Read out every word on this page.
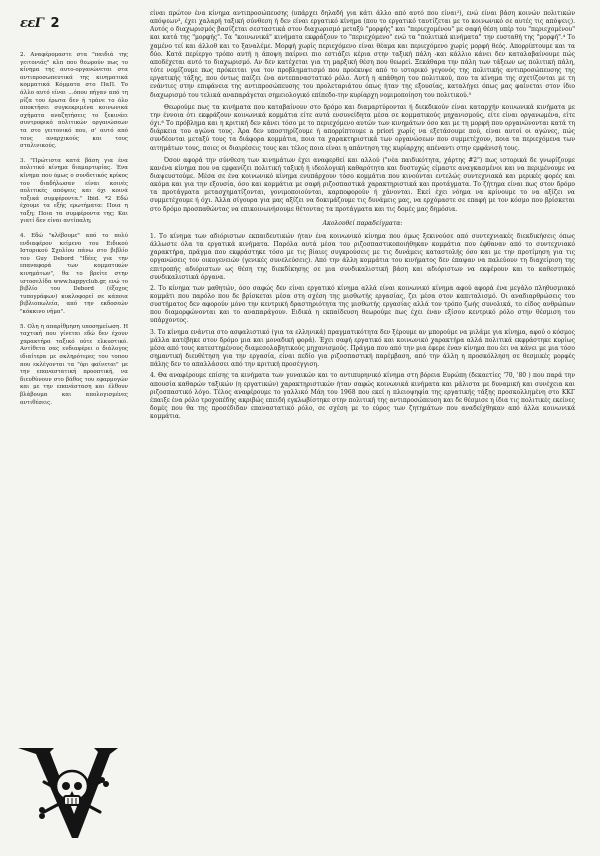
εεΓ 2

2. Αναφέρομαστε στα "παιδιά της γειτονιάς" κλπ που θεωρούν πως το κίνημα της αυτο-οργανώνεται στα αντιπροσωπευτικά της κινηματικά κομματικά Κόμματα στο ΠαΠ. Το άλλο αυτό είναι ...όπου πήγαν από τη ρίζα του έρωτα δεν ή τράνε το όλο αποκτήσει συγκεκριμένα κοινωνικά σχήματα αναζητήσεις το ξεκινάει συντροφικό πολιτικών οργανώσεων τα στο γειτονικό που, σ' αυτό από τους αναρχικούς και τους σταλινικούς.

3. "Πρώτιστα κατά βάση για ένα πολιτικό κίνημα διαμαρτυρίας. Ένα κίνημα που όμως ο συνδετικός κρίκος του διαδήλωσαν είναι κοινές πολιτικές απόψεις και όχι κοινά ταξικά συμφέροντα." Ibid. *2 Εδώ έχουμε τα εξής ερωτήματα: Ποια η ταξη; Ποια τα συμφέροντα της; Και γιατί δεν είναι αντίπαλη;

4. Εδώ "κλέβουμε" από το πολύ ενδιαφέρον κείμενο του Ειδικού Ιστορικού Σχολίου πάνω στο βιβλίο του Guy Debord "Ιδέες για την επαναφορά των κομματικών κινημάτων", θα το βρείτε στην ιστοσελίδα www.happyclub.gr, ενώ το βιβλίο του Debord (έξοχος τυπογράφων) κυκλοφορεί σε κάποια βιβλιοπωλεία, από την εκδοσεών "κόκκινο νήμα".

5. Ολη η απαρίθμηση υποσημείωση. Η ταχτική που γίνεται εδώ δεν έχουν χαρακτήρα ταξικό ούτε ελκυστικό. Αντίθετα σας ενδιαφέρει ο διάλογος ιδιαίτερα με σκληρότερες του τοπου που εκλέγονται τα "όρι φαίνεται" με την επαναστατική προοπτική, να διευθύνουν στο βάθος του εφαρμογών και με την επανάσταση και έλθουν βλάβουμα και απολογισμένες αντιθέσεις.

είναι πρώτον ένα κίνημα αντιπροσώπευσης (υπάρχει δηλαδή για κάτι άλλο από αυτό που είναι²), ενώ είναι βάση κοινών πολιτικών απόψεων³, έχει χαλαρή ταξική σύνθεση ή δεν είναι εργατικό κίνημα (που το εργατικό ταυτίζεται με το κοινωνικό σε αυτές τις απόψεις). Αυτός ο διαχωρισμός βασίζεται σεσταστικά στον διαχωρισμό μεταξύ "μορφής" και "περιεχομένου" με σαφή θέση υπέρ του "περιεχομένου" και κατά της "μορφής". Τα "κοινωνικά" κινήματα εκφράζουν το "περιεχόμενο" ενώ τα "πολιτικά κινήματα" την ευσταθή της "μορφή".⁴ Το χαμένο τεί και άλλοθ και το ξαναλέμε. Μορφή χωρίς περιεχόμενο είναι θέαμα και περιεχόμενο χωρίς μορφή θεός. Απορρίπτουμε και τα δύο. Κατά περίεργο τρόπο αυτή η άποψη παίρνει πιο εστιάζει κέρια στην ταξική πάλη -και κάλλιο κάνει δεν καταλαβαίνουμε πώς αποδέχεται αυτό το διαχωρισμό. Αν δεν κατέχεται για τη μαρξική θέση που θεωρεί. Ξεκάθαρα την πάλη των τάξεων ως πολιτική πάλη, τότε νομίζουμε πως πρόκειται για τον προβληματισμό που προέκυψε από το ιστορικό γεγονός της πολιτικής αντιπροσώπευσης της εργατικής τάξης, που όντως παίζει ένα αντεπαναστατικό ρόλο. Αυτή η απάθηση του πολιτικού, που τα κίνημα της σχετίζονται με τη ενάντιες στην επιφάνεια της αντιπροσώπευσης του προλεταριάτου όπως ήταν της εξουσίας, καταλήγει όπως μας φαίνεται στον ίδιο διαχωρισμό του τελικά αναπαράγεται σημειολογικό επίπεδο-την κυρίαρχη νομιμοποίηση του πολιτικού.⁵

Θεωρούμε πως τα κινήματα που καταβαίνουν στο δρόμο και διαμαρτύρονται ή διεκδικούν είναι καταρχήν κοινωνικά κινήματα με την έννοια ότι εκφράζουν κοινωνικά κομμάτια είτε αυτά ενσυνείδητα μέσα σε κομματικούς μηχανισμούς, είτε είναι οργανωμένα, είτε όχι.⁶ Το πρόβλημα και η κριτική δεν κάνει τόσο με το περιεχόμενο αυτών των κινημάτων όσο και με τη μορφή που οργανώνονται κατά τη διάρκεια του αγώνα τους. Άρα δεν υποστηρίζουμε ή απορρίπτουμε a priori χωρίς να εξετάσουμε πού, είναι αυτοί οι αγώνες, πώς συνδέονται μεταξύ τους τα διάφορα κομμάτια, ποια τα χαρακτηριστικά των οργανώσεων που συμμετέχουν, ποια τα περιεχόμενα των αιτημάτων τους, ποιες οι διαιρέσεις τους και τέλος ποια είναι η απάντηση της κυρίαρχης απέναντι στην εμφάνισή τους.

Όσον αφορά την σύνθεση των κινημάτων έχει αναφερθεί και αλλού ("νέα παιδικότητα, χάρτης #2") πως ιστορικά δε γνωρίζουμε κανένα κίνημα που να εμφανίζει πολιτική ταξική ή ιδεολογική καθαρότητα και δυστυχώς είμαστε αναγκασμένοι και να περιμένουμε να διαψευστούμε. Μέσα σε ένα κοινωνικό κίνημα ενυπάρχουν τόσο κομμάτια που κινούνται εντελώς συντεχνιακά και μερικές φορές και ακόμα και για την εξουσία, όσο και κομμάτια με σαφή ριζοσπαστικά χαρακτηριστικά και προτάγματα. Το ζήτημα είναι πως στον δρόμο τα προτάγματα μετασχηματίζονται, γονιμοποιούνται, καρποφορούν ή χάνονται. Εκεί έχει νόημα να κρίνουμε το να αξίζει να συμμετέχουμε ή όχι. Άλλα σίγουρα για μας αξίζει να δοκιμάζουμε τις δυνάμεις μας, να ερχόμαστε σε επαφή με τον κόσμο που βρίσκεται στο δρόμο προσπαθώντας να επικοινωνήσουμε θέτοντας τα προτάγματα και τις δομές μας δημόσια.

Ακολουθεί παραδείγματα:

1. Το κίνημα των αδιόριστων εκπαιδευτικών ήταν ένα κοινωνικό κίνημα που όμως ξεκινούσε από συντεχνιακές διεκδικήσεις όπως άλλωστε όλα τα εργατικά κινήματα. Παρόλα αυτά μέσα του ριζοσπαστικοποιήθηκαν κομμάτια που έφθαναν από το συντεχνιακό χαρακτήρα, πράγμα που εκφράστηκε τόσο με τις βίαιες συγκρούσεις με τις δυνάμεις καταστολής όσο και με την προτίμηση για τις οργανώσεις τον οικογενειών (γενικές συνελεύσεις). Από την άλλη κομμάτια του κινήματος δεν έπαψαν να παλεύουν τη διαχείριση της επιτροπής αδιόριστων ως θέση της διεκδίκησης σε μια συνδικαλιστική βάση και αδιόριστων να εκφέρουν και το καθεστηκός συνδικαλιστικά όργανα.

2. Το κίνημα των μαθητών, όσο σαφώς δεν είναι εργατικό κίνημα αλλά είναι κοινωνικό κίνημα αφού αφορά ένα μεγάλο πληθυσμιακό κομμάτι που παρόλο που δε βρίσκεται μέσα στη σχέση της μισθωτής εργασίας, ζει μέσα στον καπιταλισμό. Οι αναδιαρθρώσεις του συστήματος δεν αφορούν μόνο την κεντρική δραστηριότητα της μισθωτής εργασίας αλλά τον τρόπο ζωής συνολικά, το είδος ανθρώπων που διαμορφώνονται και το αναπαράγουν. Ειδικά η εκπαίδευση θεωρούμε πως έχει έναν εξίσου κεντρικό ρόλο στην θέσμιση του υπάρχοντος.

3. Το κίνημα ενάντια στο ασφαλιστικό (για τα ελληνικά) πραγματικότητα δεν ξέρουμε αν μπορούμε να μιλάμε για κίνημα, αφού ο κόσμος μάλλα κατέβηκε στον δρόμο μια και μοναδική φορά). Έχει σαφή εργατικό και κοινωνικό χαρακτήρα αλλά πολιτικά εκφράστηκε κυρίως μέσα από τους κατεστημένους διαμεσολαβητικούς μηχανισμούς. Πράγμα που από την μια έφερε έναν κίνημα που έει να κάνει με μια τόσο σημαντική διευθέτηση για την εργασία, είναι πεδίο για ριζοσπαστική παρέμβαση, από την άλλη η προσκόλληση σε θεσμικές μορφές πάλης δεν το απαλλάσσει από την κριτική προσέγγιση.

4. Θα αναφέρουμε επίσης τα κινήματα των γυναικών και το αντιπυρηνικό κίνημα στη βόρεια Ευρώπη (δεκαετίες '70, '80 ) που παρά την απουσία καθαρών ταξικών (η εργατικών) χαρακτηριστικών ήταν σαφώς κοινωνικά κινήματα και μάλιστα με δυναμική και συνέχεια και ριζοσπαστικό λόγο. Τέλος αναφέρουμε το γαλλικό Μάη του 1968 που εκεί η πλειοψηφία της εργατικής τάξης προσκολλημένη στο ΚΚΓ έπαιξε ένα ρόλο τροχοπέδης ακριβώς επειδή εγκλωβίστηκε στην πολιτική της αντιπροσώπευση και δε θέσμισε η ίδια τις πολιτικές εκείνες δομές που θα της προσέδιδαν επαναστατικό ρόλο, σε σχέση με το εύρος των ζητημάτων που αναδείχθηκαν από άλλα κοινωνικά κομμάτια.
